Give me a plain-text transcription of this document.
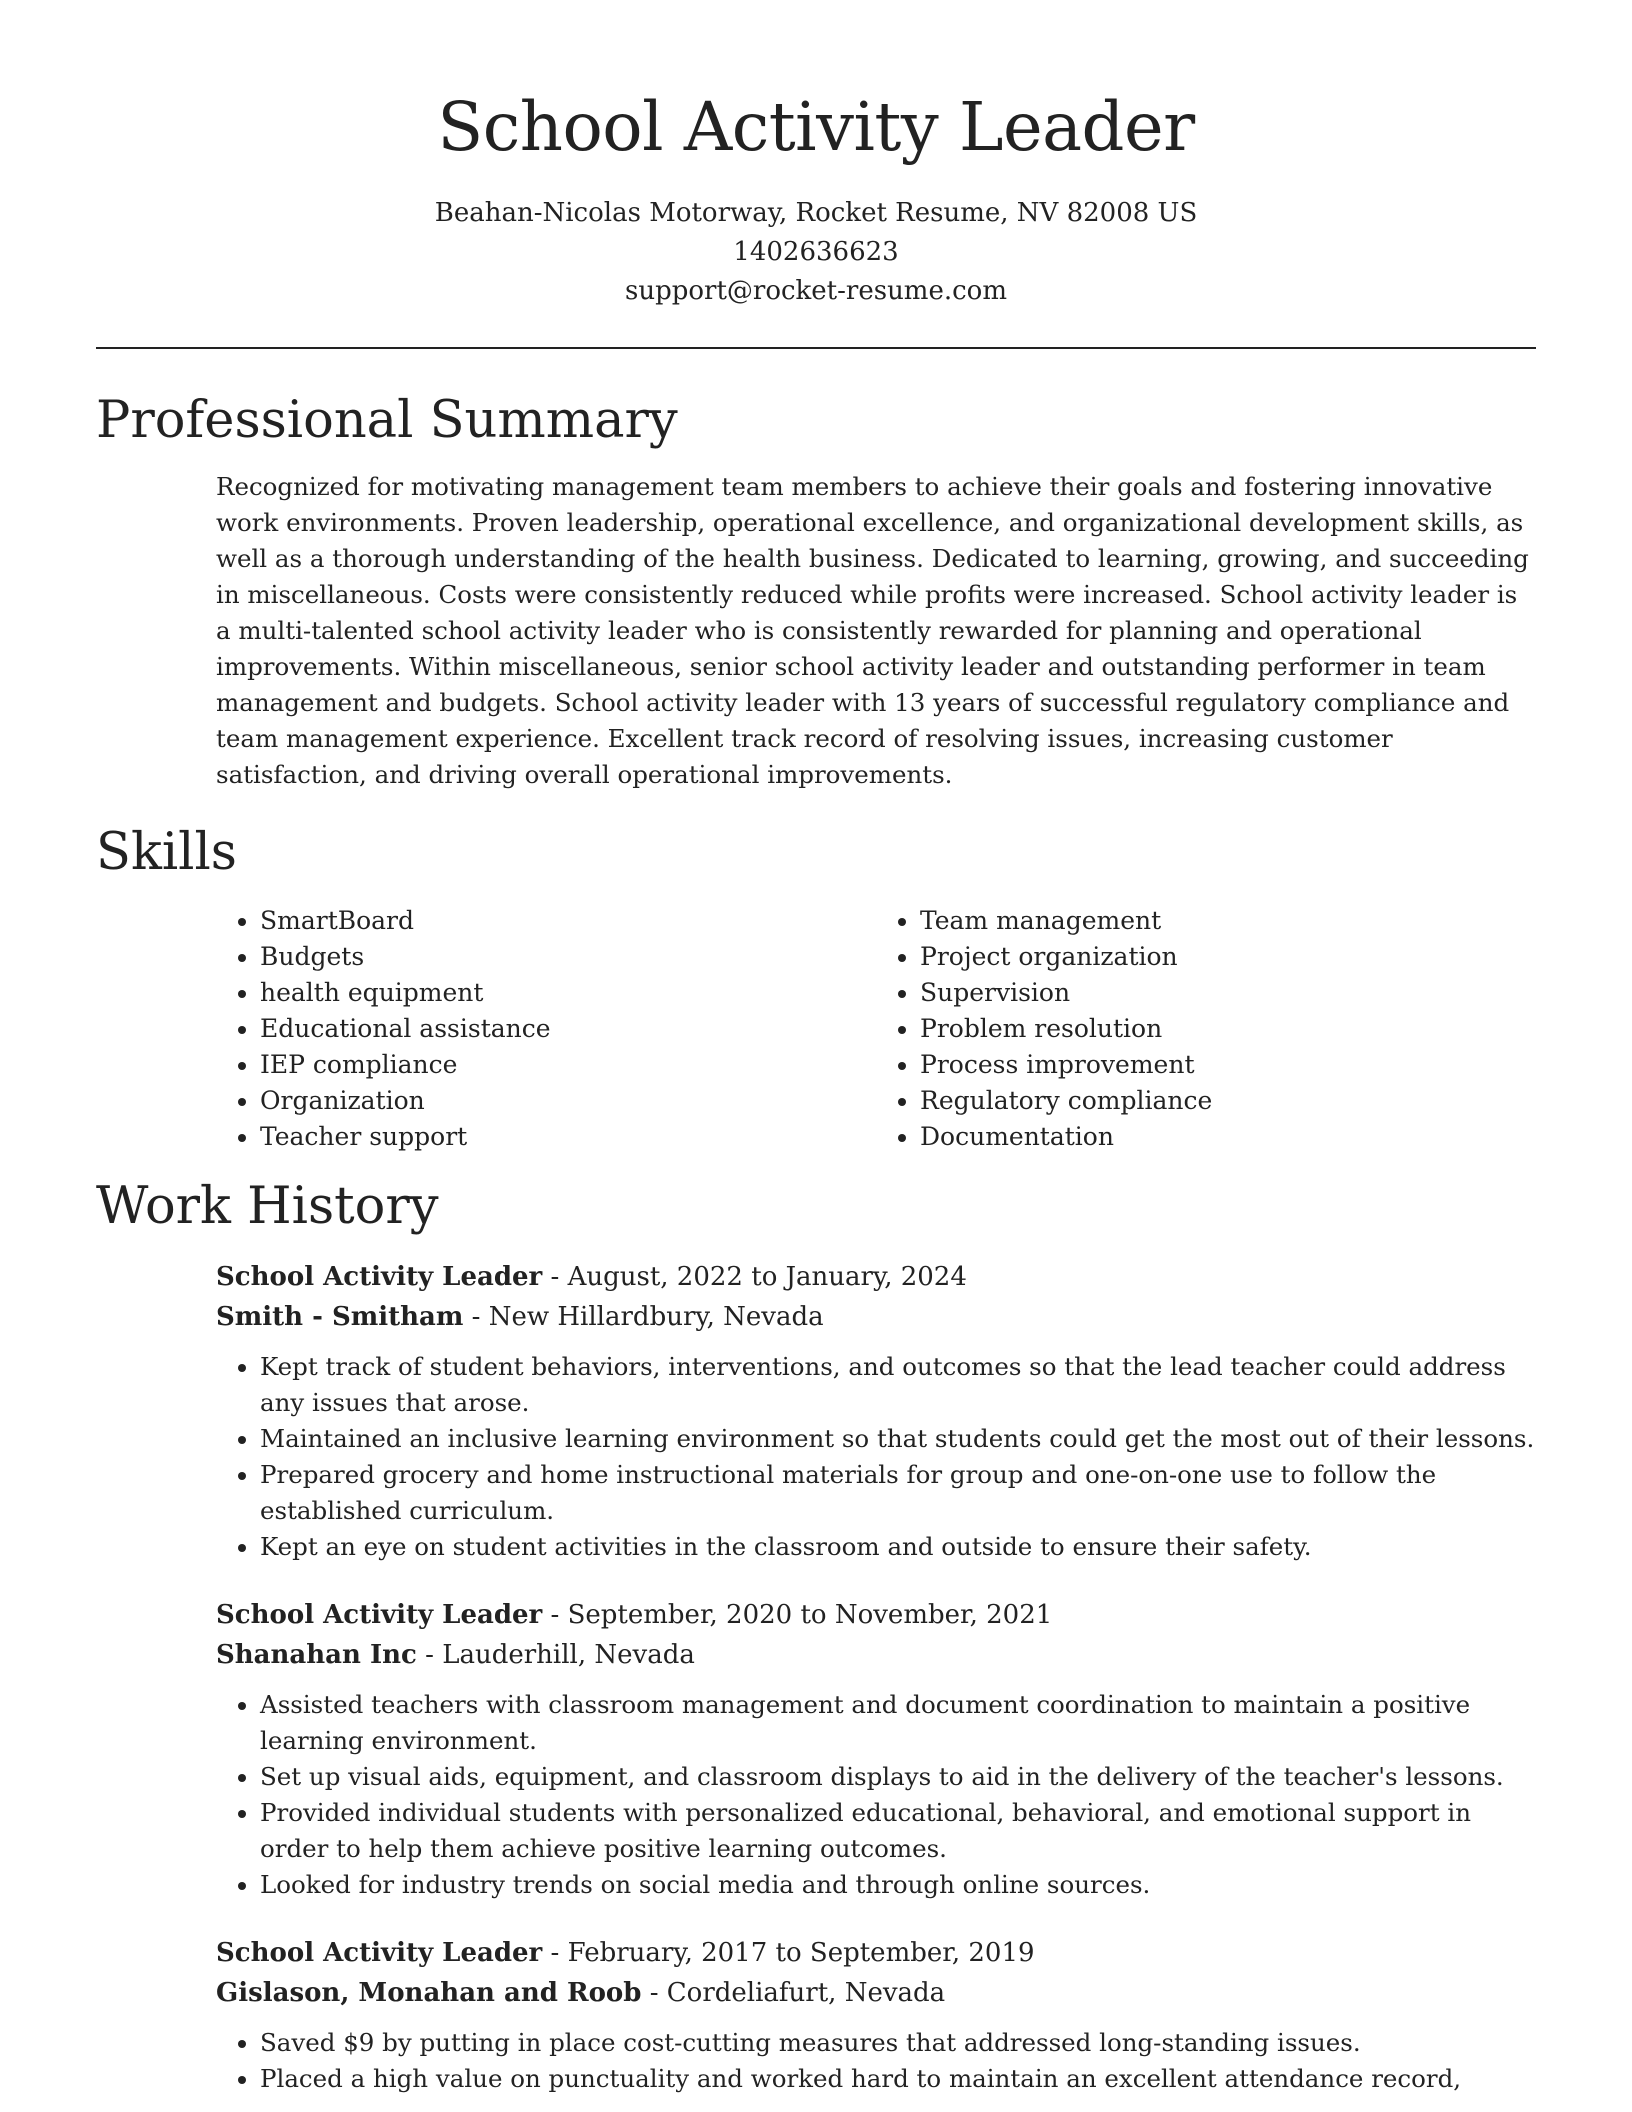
School Activity Leader
Beahan-Nicolas Motorway, Rocket Resume, NV 82008 US
1402636623
support@rocket-resume.com
Professional Summary
Recognized for motivating management team members to achieve their goals and fostering innovative work environments. Proven leadership, operational excellence, and organizational development skills, as well as a thorough understanding of the health business. Dedicated to learning, growing, and succeeding in miscellaneous. Costs were consistently reduced while profits were increased. School activity leader is a multi-talented school activity leader who is consistently rewarded for planning and operational improvements. Within miscellaneous, senior school activity leader and outstanding performer in team management and budgets. School activity leader with 13 years of successful regulatory compliance and team management experience. Excellent track record of resolving issues, increasing customer satisfaction, and driving overall operational improvements.
Skills
• SmartBoard
• Budgets
• health equipment
• Educational assistance
• IEP compliance
• Organization
• Teacher support
• Team management
• Project organization
• Supervision
• Problem resolution
• Process improvement
• Regulatory compliance
• Documentation
Work History
School Activity Leader - August, 2022 to January, 2024
Smith - Smitham - New Hillardbury, Nevada
• Kept track of student behaviors, interventions, and outcomes so that the lead teacher could address any issues that arose.
• Maintained an inclusive learning environment so that students could get the most out of their lessons.
• Prepared grocery and home instructional materials for group and one-on-one use to follow the established curriculum.
• Kept an eye on student activities in the classroom and outside to ensure their safety.
School Activity Leader - September, 2020 to November, 2021
Shanahan Inc - Lauderhill, Nevada
• Assisted teachers with classroom management and document coordination to maintain a positive learning environment.
• Set up visual aids, equipment, and classroom displays to aid in the delivery of the teacher's lessons.
• Provided individual students with personalized educational, behavioral, and emotional support in order to help them achieve positive learning outcomes.
• Looked for industry trends on social media and through online sources.
School Activity Leader - February, 2017 to September, 2019
Gislason, Monahan and Roob - Cordeliafurt, Nevada
• Saved $9 by putting in place cost-cutting measures that addressed long-standing issues.
• Placed a high value on punctuality and worked hard to maintain an excellent attendance record,
